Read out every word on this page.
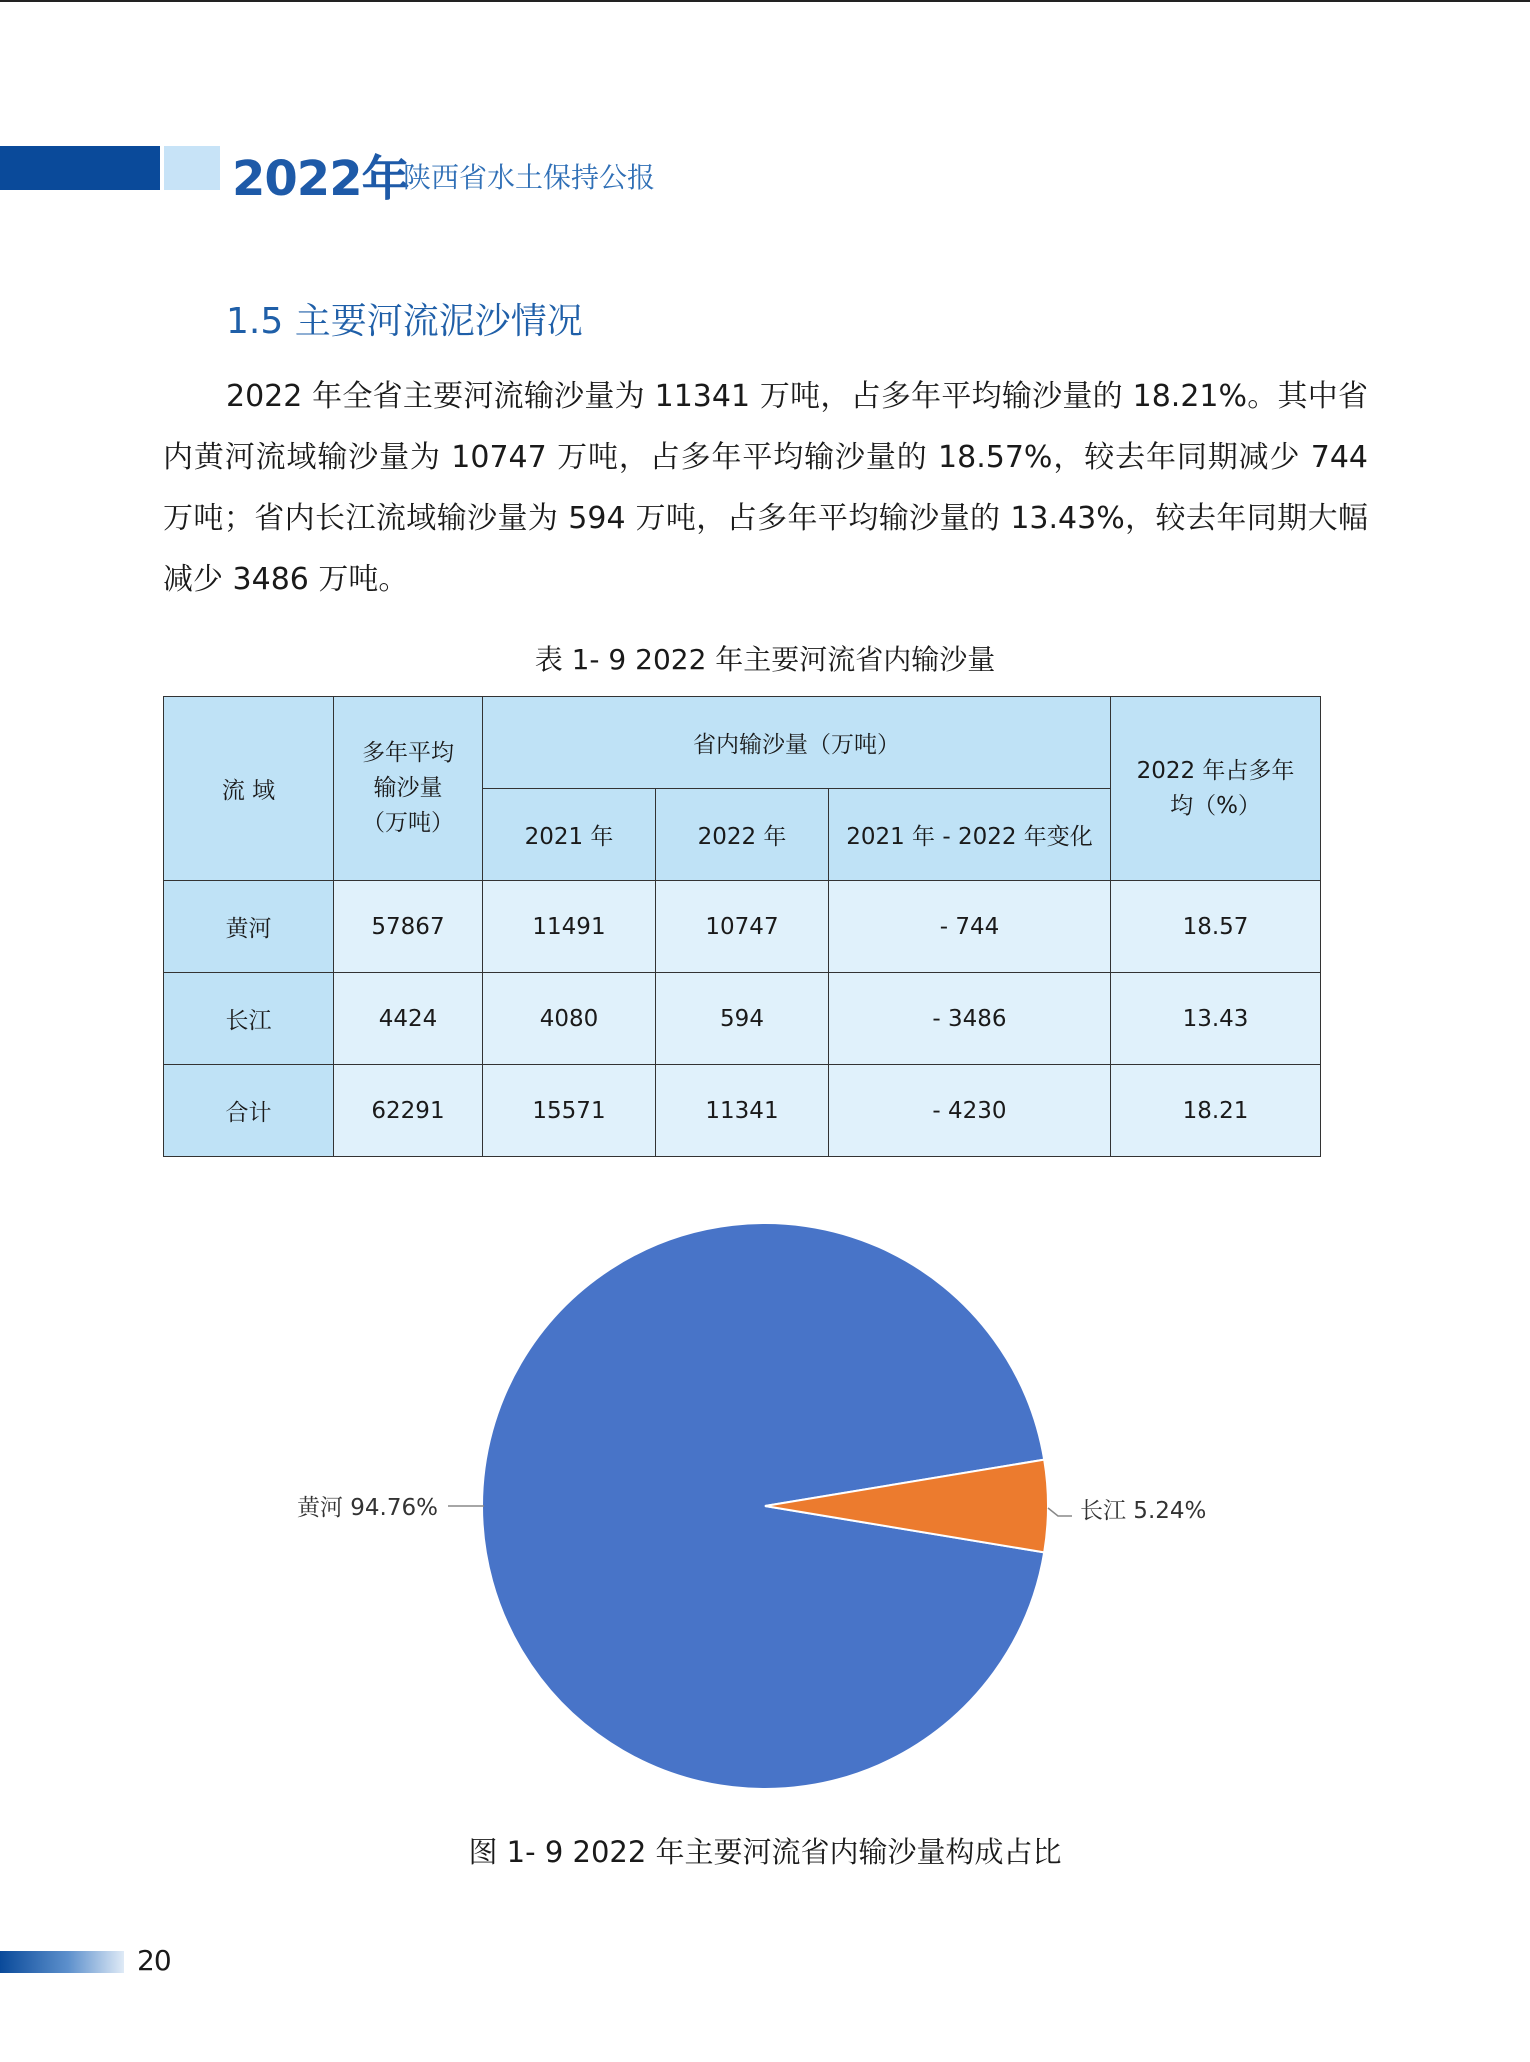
2022年
陕西省水土保持公报
1.5 主要河流泥沙情况

2022 年全省主要河流输沙量为 11341 万吨，占多年平均输沙量的 18.21%。其中省内黄河流域输沙量为 10747 万吨，占多年平均输沙量的 18.57%，较去年同期减少 744 万吨；省内长江流域输沙量为 594 万吨，占多年平均输沙量的 13.43%，较去年同期大幅减少 3486 万吨。

表 1- 9 2022 年主要河流省内输沙量
流 域	多年平均输沙量（万吨）	省内输沙量（万吨）			2022 年占多年均（%）

		2021 年	2022 年	2021 年 - 2022 年变化	
黄河	57867	11491	10747	- 744	18.57
长江	4424	4080	594	- 3486	13.43
合计	62291	15571	11341	- 4230	18.21
黄河 94.76%	长江 5.24%
图 1- 9 2022 年主要河流省内输沙量构成占比
20
